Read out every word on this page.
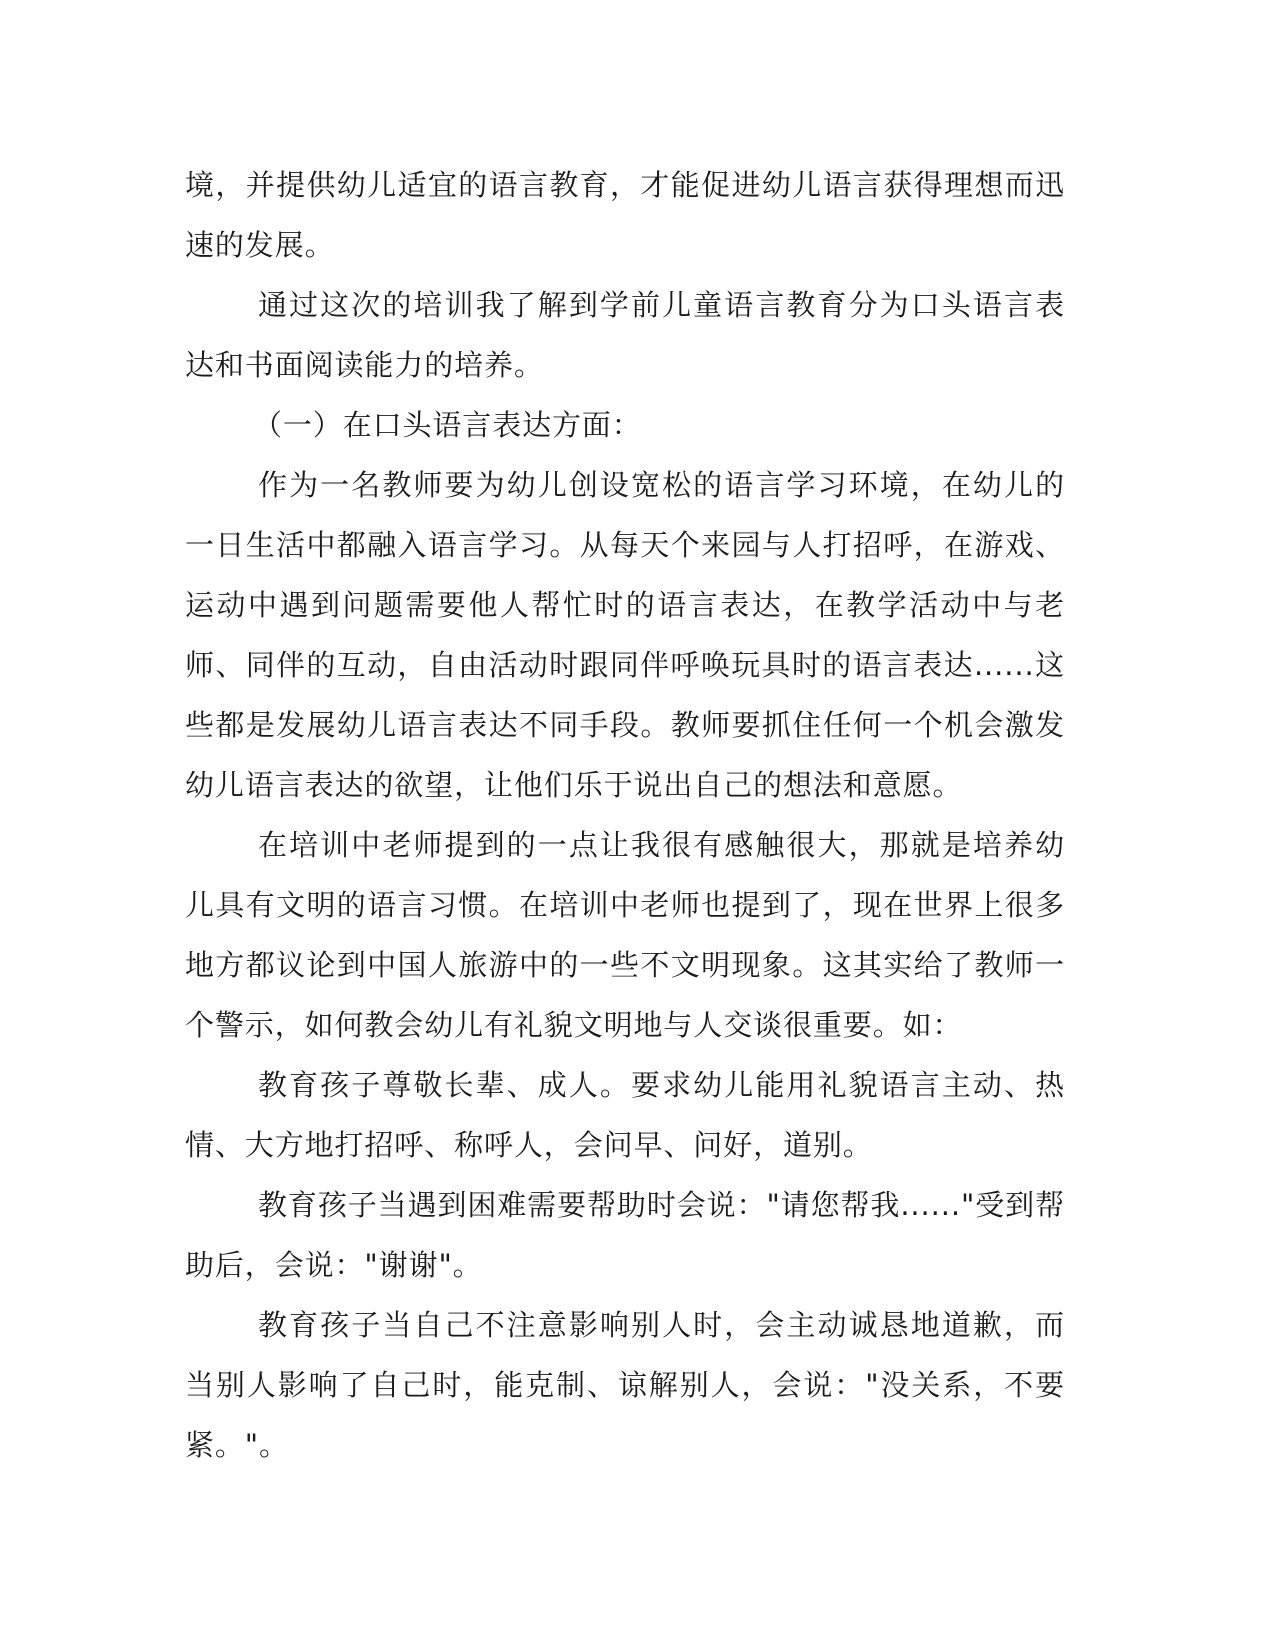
境，并提供幼儿适宜的语言教育，才能促进幼儿语言获得理想而迅速的发展。

通过这次的培训我了解到学前儿童语言教育分为口头语言表达和书面阅读能力的培养。

（一）在口头语言表达方面：

作为一名教师要为幼儿创设宽松的语言学习环境，在幼儿的一日生活中都融入语言学习。从每天个来园与人打招呼，在游戏、运动中遇到问题需要他人帮忙时的语言表达，在教学活动中与老师、同伴的互动，自由活动时跟同伴呼唤玩具时的语言表达......这些都是发展幼儿语言表达不同手段。教师要抓住任何一个机会激发幼儿语言表达的欲望，让他们乐于说出自己的想法和意愿。

在培训中老师提到的一点让我很有感触很大，那就是培养幼儿具有文明的语言习惯。在培训中老师也提到了，现在世界上很多地方都议论到中国人旅游中的一些不文明现象。这其实给了教师一个警示，如何教会幼儿有礼貌文明地与人交谈很重要。如：

教育孩子尊敬长辈、成人。要求幼儿能用礼貌语言主动、热情、大方地打招呼、称呼人，会问早、问好，道别。

教育孩子当遇到困难需要帮助时会说："请您帮我......"受到帮助后，会说："谢谢"。

教育孩子当自己不注意影响别人时，会主动诚恳地道歉，而当别人影响了自己时，能克制、谅解别人，会说："没关系，不要紧。"。
